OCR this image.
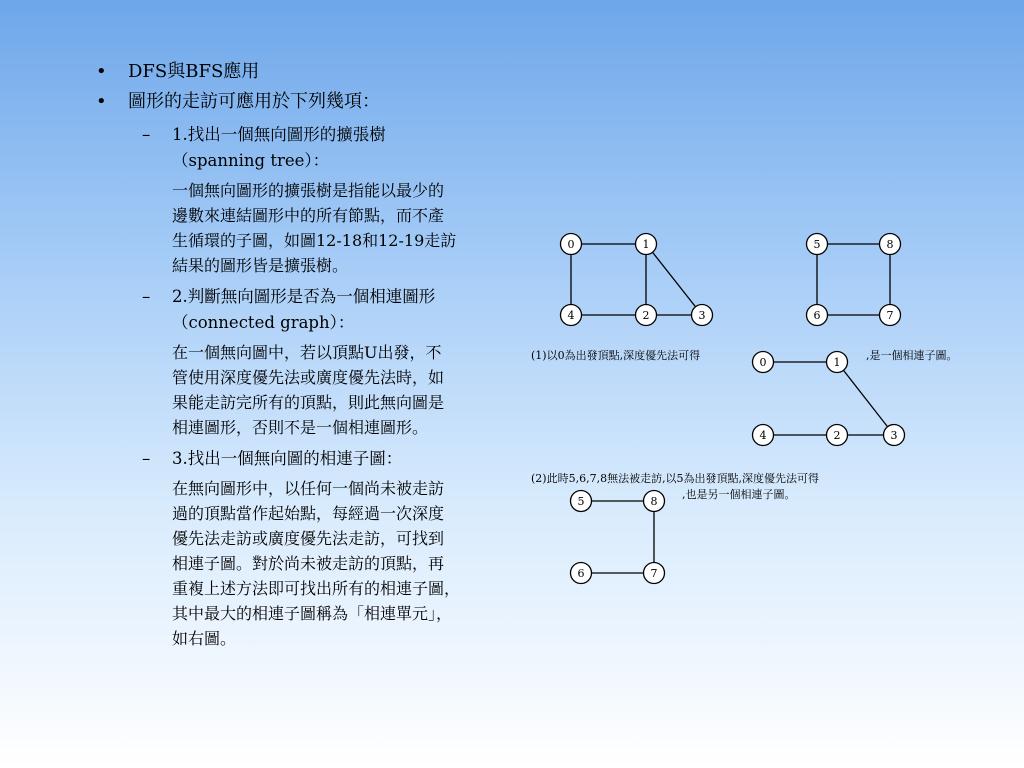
• DFS與BFS應用
• 圖形的走訪可應用於下列幾項：
– 1.找出一個無向圖形的擴張樹
（spanning tree）：
一個無向圖形的擴張樹是指能以最少的
邊數來連結圖形中的所有節點，而不產
生循環的子圖，如圖12-18和12-19走訪
結果的圖形皆是擴張樹。
– 2.判斷無向圖形是否為一個相連圖形
（connected graph）：
在一個無向圖中，若以頂點U出發，不
管使用深度優先法或廣度優先法時，如
果能走訪完所有的頂點，則此無向圖是
相連圖形，否則不是一個相連圖形。
– 3.找出一個無向圖的相連子圖：
在無向圖形中，以任何一個尚未被走訪
過的頂點當作起始點，每經過一次深度
優先法走訪或廣度優先法走訪，可找到
相連子圖。對於尚未被走訪的頂點，再
重複上述方法即可找出所有的相連子圖，
其中最大的相連子圖稱為「相連單元」，
如右圖。
0	1
2	3
4
5	8
6	7
0	1
4	2	3
5	8
6	7
(1)以0為出發頂點,深度優先法可得	,是一個相連子圖。
(2)此時5,6,7,8無法被走訪,以5為出發頂點,深度優先法可得
,也是另一個相連子圖。
